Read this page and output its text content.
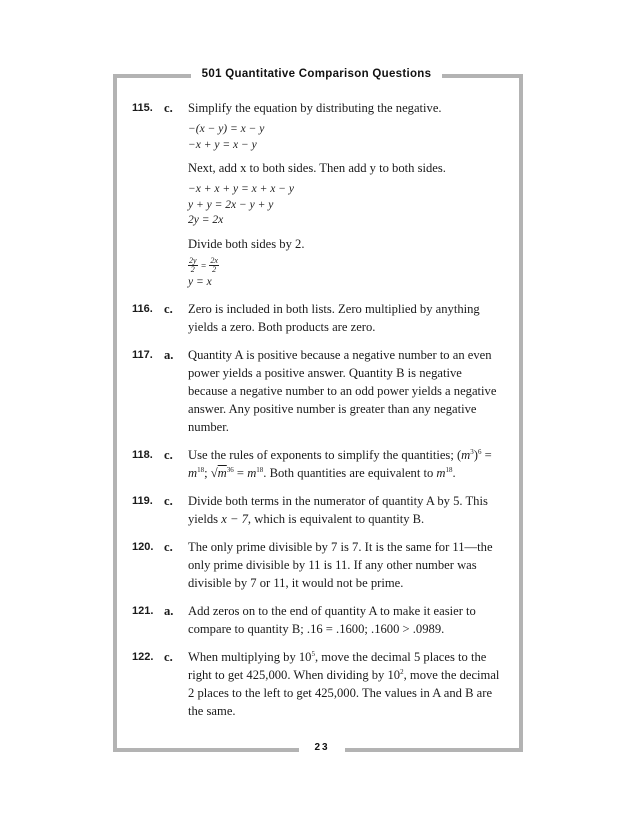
501 Quantitative Comparison Questions
115. c. Simplify the equation by distributing the negative.
−(x − y) = x − y
−x + y = x − y
Next, add x to both sides. Then add y to both sides.
−x + x + y = x + x − y
y + y = 2x − y + y
2y = 2x
Divide both sides by 2.
$\frac{2y}{2} = \frac{2x}{2}$
y = x
116. c. Zero is included in both lists. Zero multiplied by anything yields a zero. Both products are zero.
117. a. Quantity A is positive because a negative number to an even power yields a positive answer. Quantity B is negative because a negative number to an odd power yields a negative answer. Any positive number is greater than any negative number.
118. c. Use the rules of exponents to simplify the quantities; $(m^3)^6$ =
$m^{18}$; $√m^{36} = m^{18}$. Both quantities are equivalent to $m^{18}$.
119. c. Divide both terms in the numerator of quantity A by 5. This yields x − 7, which is equivalent to quantity B.
120. c. The only prime divisible by 7 is 7. It is the same for 11—the only prime divisible by 11 is 11. If any other number was divisible by 7 or 11, it would not be prime.
121. a. Add zeros on to the end of quantity A to make it easier to compare to quantity B; .16 = .1600; .1600 > .0989.
122. c. When multiplying by $10^5$, move the decimal 5 places to the right to get 425,000. When dividing by $10^2$, move the decimal 2 places to the left to get 425,000. The values in A and B are the same.
23
